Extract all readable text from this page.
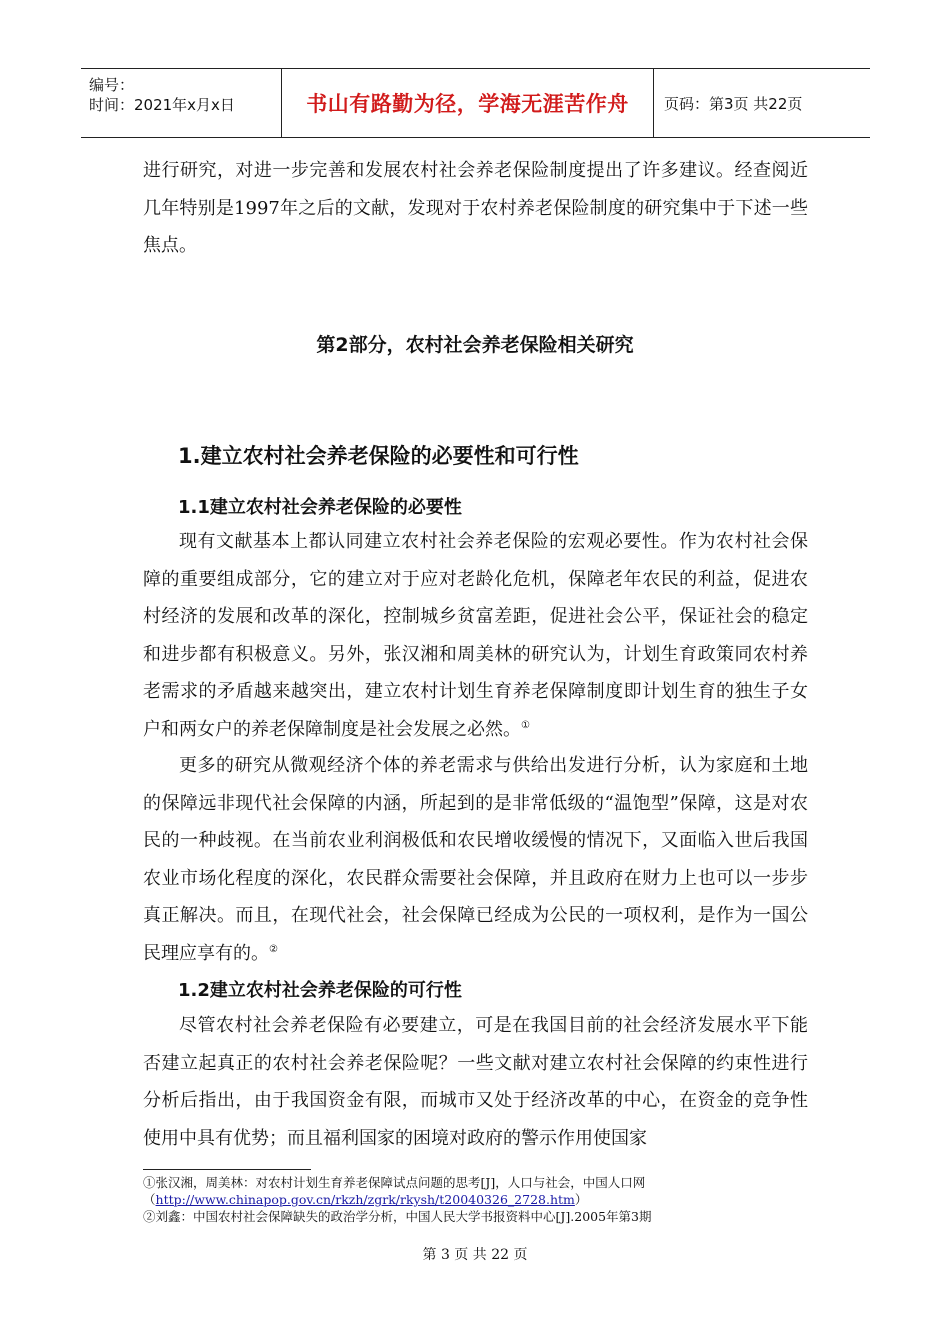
编号：
时间：2021年x月x日	书山有路勤为径，学海无涯苦作舟	页码：第3页 共22页

进行研究，对进一步完善和发展农村社会养老保险制度提出了许多建议。经查阅近几年特别是1997年之后的文献，发现对于农村养老保险制度的研究集中于下述一些焦点。

第2部分，农村社会养老保险相关研究
1.建立农村社会养老保险的必要性和可行性
1.1建立农村社会养老保险的必要性

现有文献基本上都认同建立农村社会养老保险的宏观必要性。作为农村社会保障的重要组成部分，它的建立对于应对老龄化危机，保障老年农民的利益，促进农村经济的发展和改革的深化，控制城乡贫富差距，促进社会公平，保证社会的稳定和进步都有积极意义。另外，张汉湘和周美林的研究认为，计划生育政策同农村养老需求的矛盾越来越突出，建立农村计划生育养老保障制度即计划生育的独生子女户和两女户的养老保障制度是社会发展之必然。①

更多的研究从微观经济个体的养老需求与供给出发进行分析，认为家庭和土地的保障远非现代社会保障的内涵，所起到的是非常低级的“温饱型”保障，这是对农民的一种歧视。在当前农业利润极低和农民增收缓慢的情况下，又面临入世后我国农业市场化程度的深化，农民群众需要社会保障，并且政府在财力上也可以一步步真正解决。而且，在现代社会，社会保障已经成为公民的一项权利，是作为一国公民理应享有的。②

1.2建立农村社会养老保险的可行性

尽管农村社会养老保险有必要建立，可是在我国目前的社会经济发展水平下能否建立起真正的农村社会养老保险呢？一些文献对建立农村社会保障的约束性进行分析后指出，由于我国资金有限，而城市又处于经济改革的中心，在资金的竞争性使用中具有优势；而且福利国家的困境对政府的警示作用使国家

①张汉湘，周美林：对农村计划生育养老保障试点问题的思考[J]，人口与社会，中国人口网（http://www.chinapop.gov.cn/rkzh/zgrk/rkysh/t20040326_2728.htm）
②刘鑫：中国农村社会保障缺失的政治学分析，中国人民大学书报资料中心[J].2005年第3期
第 3 页 共 22 页
